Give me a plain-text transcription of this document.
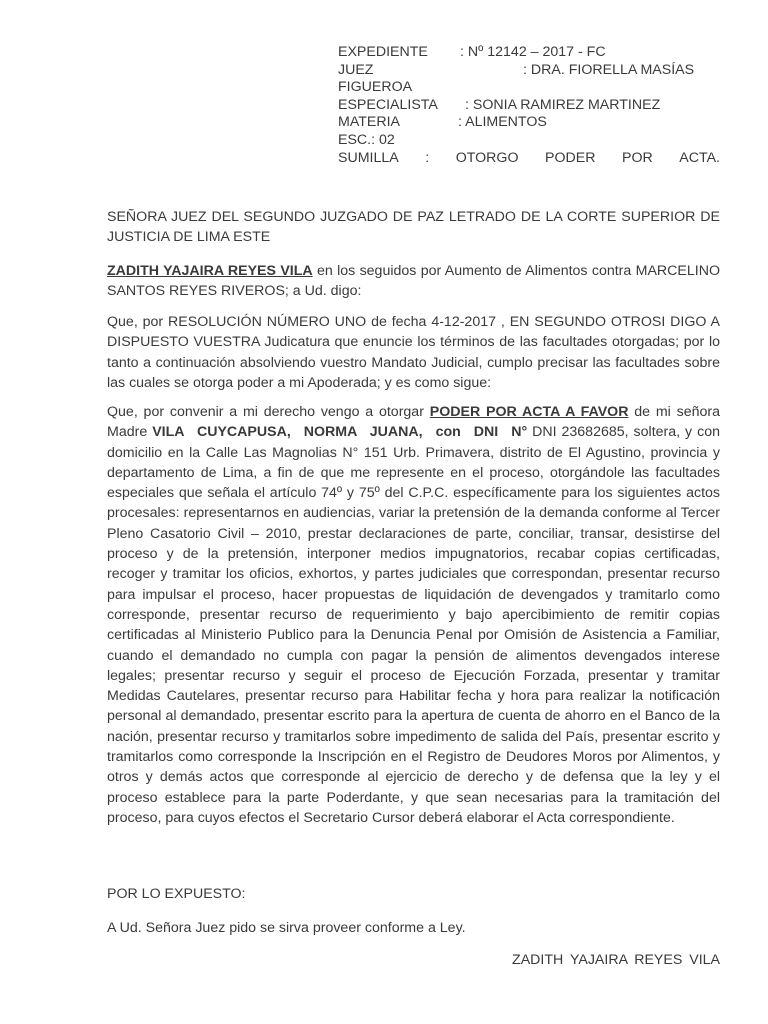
EXPEDIENTE	: Nº 12142 – 2017 - FC
JUEZ	: DRA. FIORELLA MASÍAS
FIGUEROA
ESPECIALISTA	: SONIA RAMIREZ MARTINEZ
MATERIA	: ALIMENTOS
ESC.: 02
SUMILLA : OTORGO PODER POR ACTA.

SEÑORA JUEZ DEL SEGUNDO JUZGADO DE PAZ LETRADO DE LA CORTE SUPERIOR DE JUSTICIA DE LIMA ESTE

ZADITH YAJAIRA REYES VILA en los seguidos por Aumento de Alimentos contra MARCELINO SANTOS REYES RIVEROS; a Ud. digo:

Que, por RESOLUCIÓN NÚMERO UNO de fecha 4-12-2017 , EN SEGUNDO OTROSI DIGO A DISPUESTO VUESTRA Judicatura que enuncie los términos de las facultades otorgadas; por lo tanto a continuación absolviendo vuestro Mandato Judicial, cumplo precisar las facultades sobre las cuales se otorga poder a mi Apoderada; y es como sigue:

Que, por convenir a mi derecho vengo a otorgar PODER POR ACTA A FAVOR de mi señora Madre VILA CUYCAPUSA, NORMA JUANA, con DNI N° DNI 23682685, soltera, y con domicilio en la Calle Las Magnolias N° 151 Urb. Primavera, distrito de El Agustino, provincia y departamento de Lima, a fin de que me represente en el proceso, otorgándole las facultades especiales que señala el artículo 74º y 75º del C.P.C. específicamente para los siguientes actos procesales: representarnos en audiencias, variar la pretensión de la demanda conforme al Tercer Pleno Casatorio Civil – 2010, prestar declaraciones de parte, conciliar, transar, desistirse del proceso y de la pretensión, interponer medios impugnatorios, recabar copias certificadas, recoger y tramitar los oficios, exhortos, y partes judiciales que correspondan, presentar recurso para impulsar el proceso, hacer propuestas de liquidación de devengados y tramitarlo como corresponde, presentar recurso de requerimiento y bajo apercibimiento de remitir copias certificadas al Ministerio Publico para la Denuncia Penal por Omisión de Asistencia a Familiar, cuando el demandado no cumpla con pagar la pensión de alimentos devengados interese legales; presentar recurso y seguir el proceso de Ejecución Forzada, presentar y tramitar Medidas Cautelares, presentar recurso para Habilitar fecha y hora para realizar la notificación personal al demandado, presentar escrito para la apertura de cuenta de ahorro en el Banco de la nación, presentar recurso y tramitarlos sobre impedimento de salida del País, presentar escrito y tramitarlos como corresponde la Inscripción en el Registro de Deudores Moros por Alimentos, y otros y demás actos que corresponde al ejercicio de derecho y de defensa que la ley y el proceso establece para la parte Poderdante, y que sean necesarias para la tramitación del proceso, para cuyos efectos el Secretario Cursor deberá elaborar el Acta correspondiente.

POR LO EXPUESTO:

A Ud. Señora Juez pido se sirva proveer conforme a Ley.

ZADITH YAJAIRA REYES VILA
